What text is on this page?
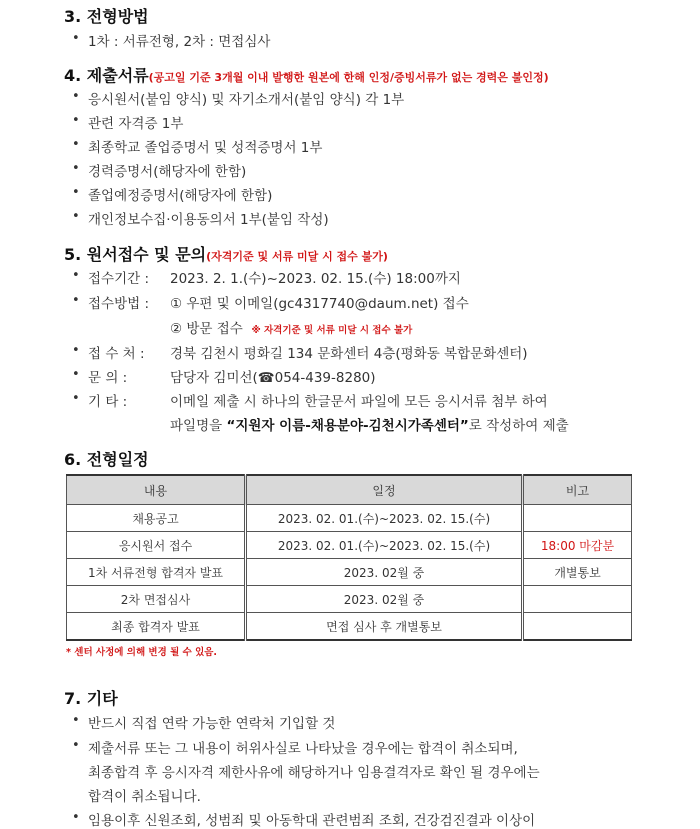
3. 전형방법
• 1차 : 서류전형, 2차 : 면접심사
4. 제출서류(공고일 기준 3개월 이내 발행한 원본에 한해 인정/증빙서류가 없는 경력은 불인정)
• 응시원서(붙임 양식) 및 자기소개서(붙임 양식) 각 1부
• 관련 자격증 1부
• 최종학교 졸업증명서 및 성적증명서 1부
• 경력증명서(해당자에 한함)
• 졸업예정증명서(해당자에 한함)
• 개인정보수집·이용동의서 1부(붙임 작성)
5. 원서접수 및 문의(자격기준 및 서류 미달 시 접수 불가)
• 접수기간 : 2023. 2. 1.(수)~2023. 02. 15.(수) 18:00까지
• 접수방법 : ① 우편 및 이메일(gc4317740@daum.net) 접수
② 방문 접수 ※ 자격기준 및 서류 미달 시 접수 불가
• 접 수 처 : 경북 김천시 평화길 134 문화센터 4층(평화동 복합문화센터)
• 문 의 :	담당자 김미선(☎054-439-8280)
• 기 타 :	이메일 제출 시 하나의 한글문서 파일에 모든 응시서류 첨부 하여
파일명을 “지원자 이름-채용분야-김천시가족센터”로 작성하여 제출
6. 전형일정
내용	일정	비고
채용공고	2023. 02. 01.(수)~2023. 02. 15.(수)	
응시원서 접수	2023. 02. 01.(수)~2023. 02. 15.(수)	18:00 마감분
1차 서류전형 합격자 발표	2023. 02월 중	개별통보
2차 면접심사	2023. 02월 중	
최종 합격자 발표	면접 심사 후 개별통보	
* 센터 사정에 의해 변경 될 수 있음.
7. 기타
• 반드시 직접 연락 가능한 연락처 기입할 것
• 제출서류 또는 그 내용이 허위사실로 나타났을 경우에는 합격이 취소되며,
최종합격 후 응시자격 제한사유에 해당하거나 임용결격자로 확인 될 경우에는
합격이 취소됩니다.
• 임용이후 신원조회, 성범죄 및 아동학대 관련범죄 조회, 건강검진결과 이상이
